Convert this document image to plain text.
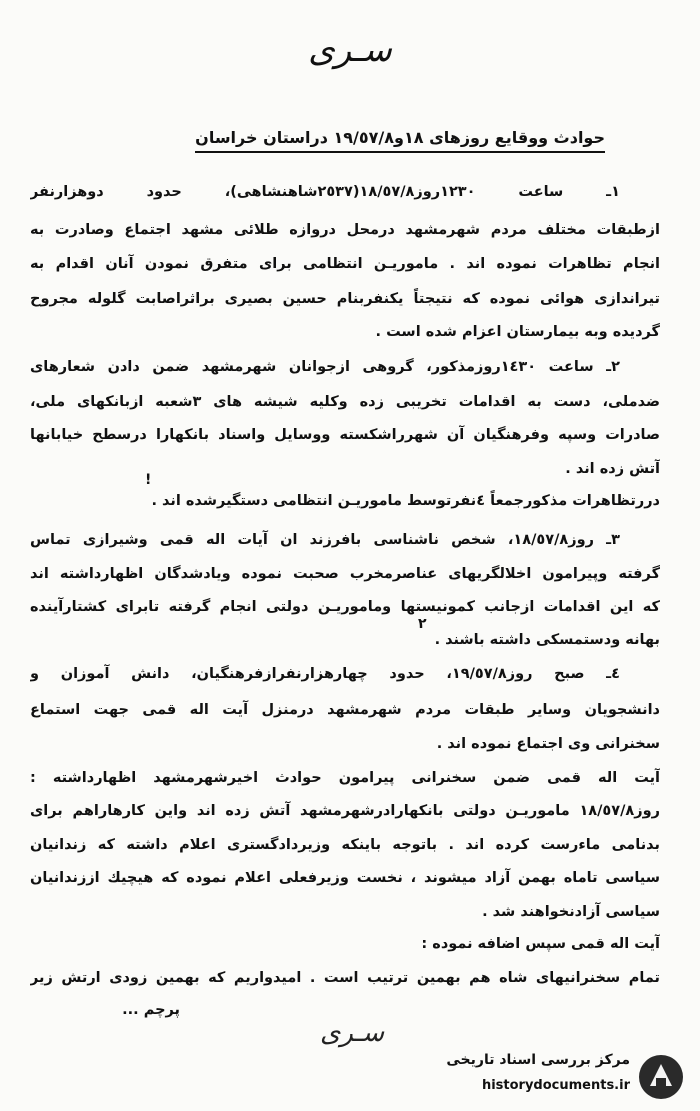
سـرى
حوادث ووقايع روزهاى ١٨و١٩/٥٧/٨ دراستان خراسان
١ـ ساعت ١٢٣٠روز١٨/٥٧/٨(٢٥٣٧شاهنشاهى)، حدود دوهزارنفر
ازطبقات مختلف مردم شهرمشهد درمحل دروازه طلائى مشهد اجتماع وصادرت به
انجام تظاهرات نموده اند . ماموريـن انتظامى براى متفرق نمودن آنان اقدام به
تيراندازى هوائى نموده كه نتيجتاً يكنفربنام حسين بصيرى براثراصابت گلوله مجروح
گرديده وبه بيمارستان اعزام شده است .
٢ـ ساعت ١٤٣٠روزمذكور، گروهى ازجوانان شهرمشهد ضمن دادن شعارهاى
ضدملى، دست به اقدامات تخريبى زده وكليه شيشه هاى ٣شعبه ازبانكهاى ملى،
صادرات وسپه وفرهنگيان آن شهرراشكسته ووسايل واسناد بانكهارا درسطح خيابانها
آتش زده اند .
دررتظاهرات مذكورجمعاً ٤نفرتوسط ماموريـن انتظامى دستگيرشده اند .
٣ـ روز١٨/٥٧/٨، شخص ناشناسى بافرزند ان آيات اله قمى وشيرازى تماس
گرفته وپيرامون اخلالگريهاى عناصرمخرب صحبت نموده ويادشدگان اظهارداشته اند
كه اين اقدامات ازجانب كمونيستها وماموريـن دولتى انجام گرفته تابراى كشتارآينده
بهانه ودستمسكى داشته باشند .
٤ـ صبح روز١٩/٥٧/٨، حدود چهارهزارنفرازفرهنگيان، دانش آموزان و
دانشجويان وساير طبقات مردم شهرمشهد درمنزل آيت اله قمى جهت استماع
سخنرانى وى اجتماع نموده اند .
آيت اله قمى ضمن سخنرانى پيرامون حوادث اخيرشهرمشهد اظهارداشته :
روز١٨/٥٧/٨ ماموريـن دولتى بانكهارادرشهرمشهد آتش زده اند واين كارهاراهم براى
بدنامى ماءرست كرده اند . باتوجه باينكه وزيردادگسترى اعلام داشته كه زندانيان
سياسى تاماه بهمن آزاد ميشوند ، نخست وزيرفعلى اعلام نموده كه هيچيك اززندانيان
سياسى آزادنخواهند شد .
آيت اله قمى سپس اضافه نموده :
تمام سخنرانيهاى شاه هم بهمين ترتيب است . اميدواريم كه بهمين زودى ارتش زير
پرچم ...
!
٢
سـرى
مركز بررسى اسناد تاريخى
historydocuments.ir
